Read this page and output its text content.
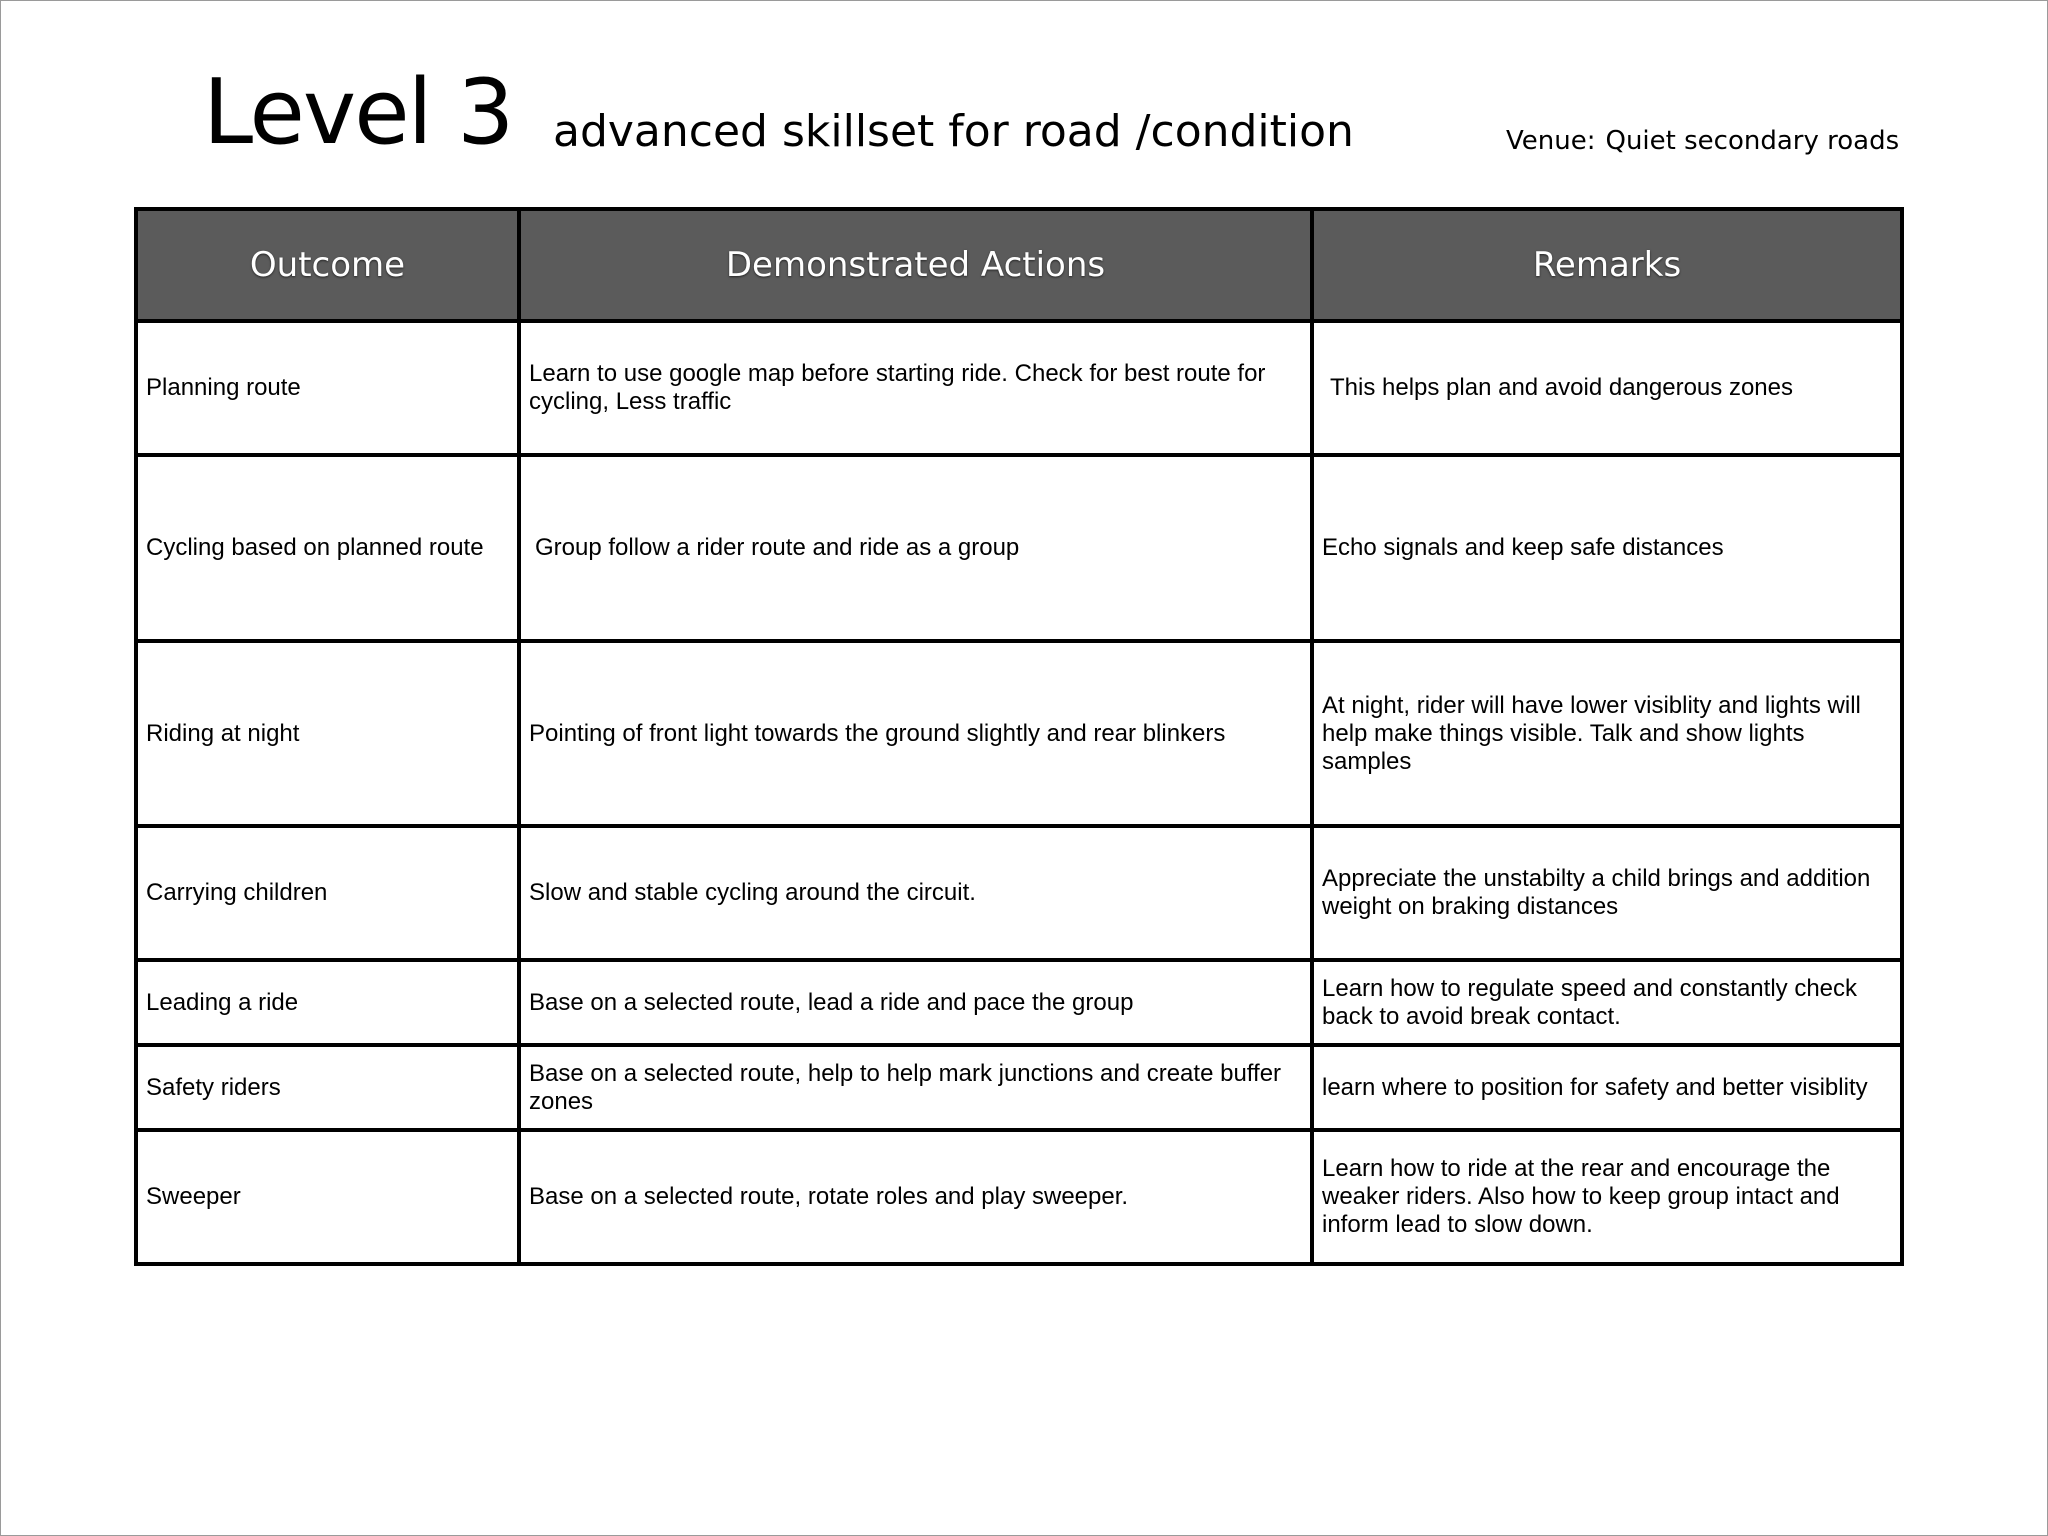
Level 3 advanced skillset for road /condition	Venue: Quiet secondary roads
Outcome	Demonstrated Actions	Remarks
Planning route	Learn to use google map before starting ride. Check for best route for cycling, Less traffic	This helps plan and avoid dangerous zones
Cycling based on planned route	Group follow a rider route and ride as a group	Echo signals and keep safe distances
Riding at night	Pointing of front light towards the ground slightly and rear blinkers	At night, rider will have lower visiblity and lights will help make things visible. Talk and show lights samples
Carrying children	Slow and stable cycling around the circuit.	Appreciate the unstabilty a child brings and addition weight on braking distances
Leading a ride	Base on a selected route, lead a ride and pace the group	Learn how to regulate speed and constantly check back to avoid break contact.
Safety riders	Base on a selected route, help to help mark junctions and create buffer zones	learn where to position for safety and better visiblity
Sweeper	Base on a selected route, rotate roles and play sweeper.	Learn how to ride at the rear and encourage the weaker riders. Also how to keep group intact and inform lead to slow down.
